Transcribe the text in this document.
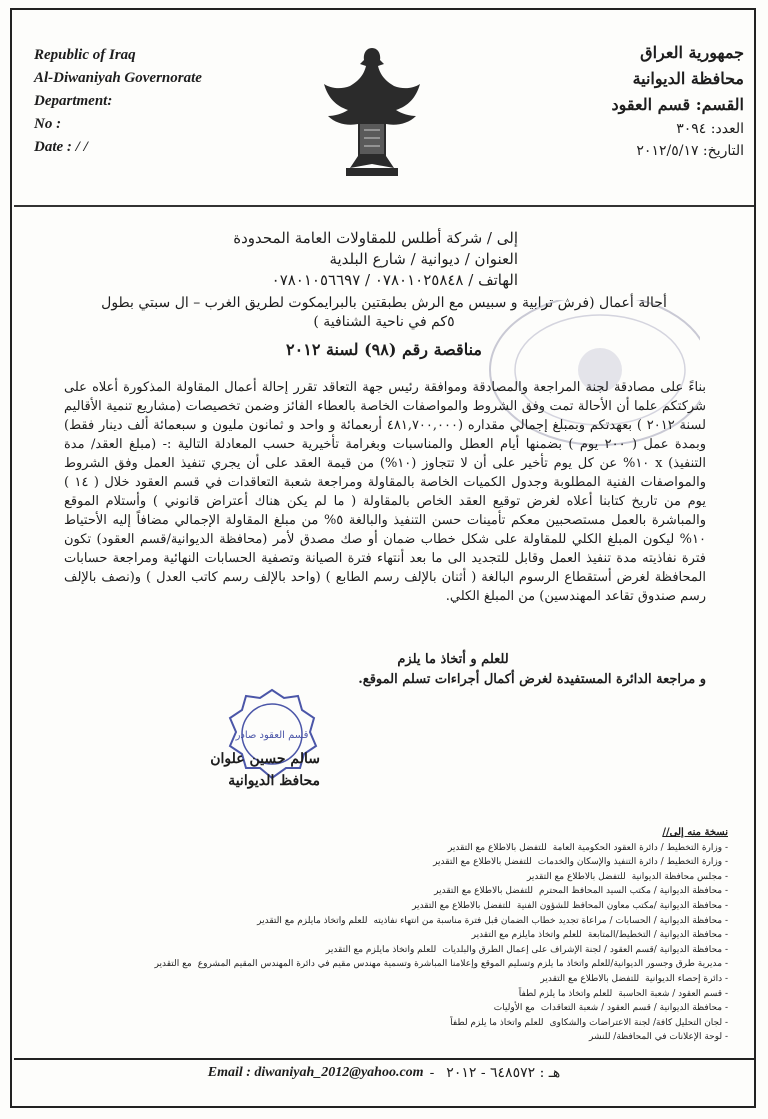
Republic of Iraq
Al-Diwaniyah Governorate
Department:
No :
Date : / /
جمهورية العراق
محافظة الديوانية
القسم: قسم العقود
العدد: ٣٠٩٤
التاريخ: ٢٠١٢/٥/١٧
إلى / شركة أطلس للمقاولات العامة المحدودة
العنوان / ديوانية / شارع البلدية
الهاتف / ٠٧٨٠١٠٢٥٨٤٨ / ٠٧٨٠١٠٥٦٦٩٧
أحالة أعمال (فرش ترابية و سبيس مع الرش بطبقتين بالبرايمكوت لطريق الغرب – ال سبتي بطول
٥كم في ناحية الشنافية )
مناقصة رقم (٩٨) لسنة ٢٠١٢
بناءً على مصادقة لجنة المراجعة والمصادقة وموافقة رئيس جهة التعاقد تقرر إحالة أعمال المقاولة المذكورة أعلاه على شركتكم علما أن الأحالة تمت وفق الشروط والمواصفات الخاصة بالعطاء الفائز وضمن تخصيصات (مشاريع تنمية الأقاليم لسنة ٢٠١٢ ) بعهدتكم وبمبلغ إجمالي مقداره (٤٨١,٧٠٠,٠٠٠ أربعمائة و واحد و ثمانون مليون و سبعمائة ألف دينار فقط) وبمدة عمل ( ٢٠٠ يوم ) بضمنها أيام العطل والمناسبات وبغرامة تأخيرية حسب المعادلة التالية :- (مبلغ العقد/ مدة التنفيذ) x ١٠% عن كل يوم تأخير على أن لا تتجاوز (١٠%) من قيمة العقد على أن يجري تنفيذ العمل وفق الشروط والمواصفات الفنية المطلوبة وجدول الكميات الخاصة بالمقاولة ومراجعة شعبة التعاقدات في قسم العقود خلال ( ١٤ ) يوم من تاريخ كتابنا أعلاه لغرض توقيع العقد الخاص بالمقاولة ( ما لم يكن هناك أعتراض قانوني ) وأستلام الموقع والمباشرة بالعمل مستصحبين معكم تأمينات حسن التنفيذ والبالغة ٥% من مبلغ المقاولة الإجمالي مضافاً إليه الأحتياط ١٠% ليكون المبلغ الكلي للمقاولة على شكل خطاب ضمان أو صك مصدق لأمر (محافظة الديوانية/قسم العقود) تكون فترة نفاذيته مدة تنفيذ العمل وقابل للتجديد الى ما بعد أنتهاء فترة الصيانة وتصفية الحسابات النهائية ومراجعة حسابات المحافظة لغرض أستقطاع الرسوم البالغة ( أثنان بالإلف رسم الطابع ) (واحد بالإلف رسم كاتب العدل ) و(نصف بالإلف رسم صندوق تقاعد المهندسين) من المبلغ الكلي.
للعلم و أتخاذ ما يلزم
و مراجعة الدائرة المستفيدة لغرض أكمال أجراءات تسلم الموقع.
قسم العقود صادر
سالم حسين علوان
محافظ الديوانية
نسخة منه إلى//
- وزارة التخطيط / دائرة العقود الحكومية العامة
للتفضل بالاطلاع مع التقدير
- وزارة التخطيط / دائرة التنفيذ والإسكان والخدمات
للتفضل بالاطلاع مع التقدير
- مجلس محافظة الديوانية
للتفضل بالاطلاع مع التقدير
- محافظة الديوانية / مكتب السيد المحافظ المحترم
للتفضل بالاطلاع مع التقدير
- محافظة الديوانية /مكتب معاون المحافظ للشؤون الفنية
للتفضل بالاطلاع مع التقدير
- محافظة الديوانية / الحسابات / مراعاة تجديد خطاب الضمان قبل فترة مناسبة من انتهاء نفاذيته
للعلم واتخاذ مايلزم مع التقدير
- محافظة الديوانية / التخطيط/المتابعة
للعلم واتخاذ مايلزم مع التقدير
- محافظة الديوانية /قسم العقود / لجنة الإشراف على إعمال الطرق والبلديات
للعلم واتخاذ مايلزم مع التقدير
- مديرية طرق وجسور الديوانية/للعلم واتخاذ ما يلزم وتسليم الموقع وإعلامنا المباشرة وتسمية مهندس مقيم في دائرة المهندس المقيم المشروع
مع التقدير
- دائرة إحصاء الديوانية
للتفضل بالاطلاع مع التقدير
- قسم العقود / شعبة الحاسبة
للعلم واتخاذ ما يلزم لطفاً
- محافظة الديوانية / قسم العقود / شعبة التعاقدات
مع الأوليات
- لجان التحليل كافة/ لجنة الاعتراضات والشكاوى
للعلم واتخاذ ما يلزم لطفاً
- لوحة الإعلانات في المحافظة/ للنشر
Email : diwaniyah_2012@yahoo.com - هـ : ٦٤٨٥٧٢ - ٢٠١٢
